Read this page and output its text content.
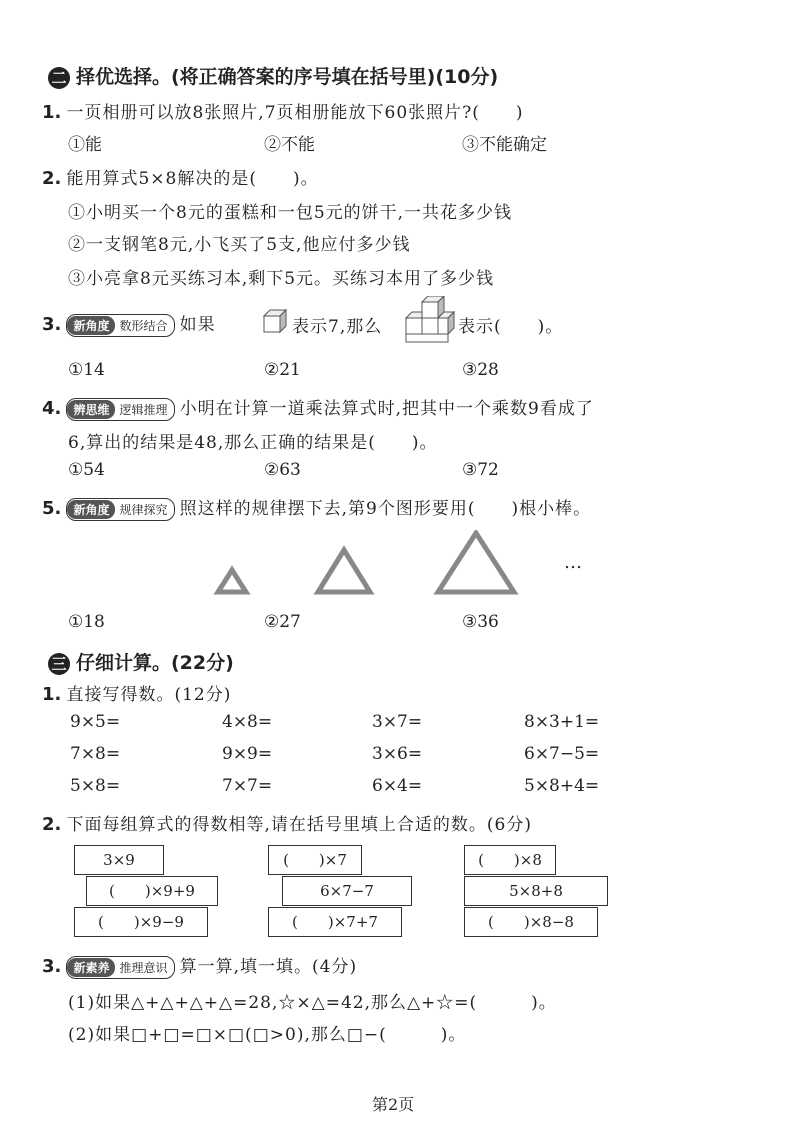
二 择优选择。(将正确答案的序号填在括号里)(10分)
1. 一页相册可以放8张照片,7页相册能放下60张照片?(　　)
①能	②不能	③不能确定
2. 能用算式5×8解决的是(　　)。
①小明买一个8元的蛋糕和一包5元的饼干,一共花多少钱
②一支钢笔8元,小飞买了5支,他应付多少钱
③小亮拿8元买练习本,剩下5元。买练习本用了多少钱
3. 新角度 数形结合 如果	表示7,那么	表示(　　)。
①14	②21	③28
4. 辨思维 逻辑推理 小明在计算一道乘法算式时,把其中一个乘数9看成了
6,算出的结果是48,那么正确的结果是(　　)。
①54	②63	③72
5. 新角度 规律探究 照这样的规律摆下去,第9个图形要用(　　)根小棒。
…
①18	②27	③36
三 仔细计算。(22分)
1. 直接写得数。(12分)
9×5=	4×8=	3×7=	8×3+1=
7×8=	9×9=	3×6=	6×7−5=
5×8=	7×7=	6×4=	5×8+4=
2. 下面每组算式的得数相等,请在括号里填上合适的数。(6分)
3×9
(　　)×9+9
(　　)×9−9
(　　)×7
6×7−7
(　　)×7+7
(　　)×8
5×8+8
(　　)×8−8
3. 新素养 推理意识 算一算,填一填。(4分)
(1)如果△+△+△+△=28,☆×△=42,那么△+☆=(　　　)。
(2)如果□+□=□×□(□>0),那么□−(　　　)。
第2页
